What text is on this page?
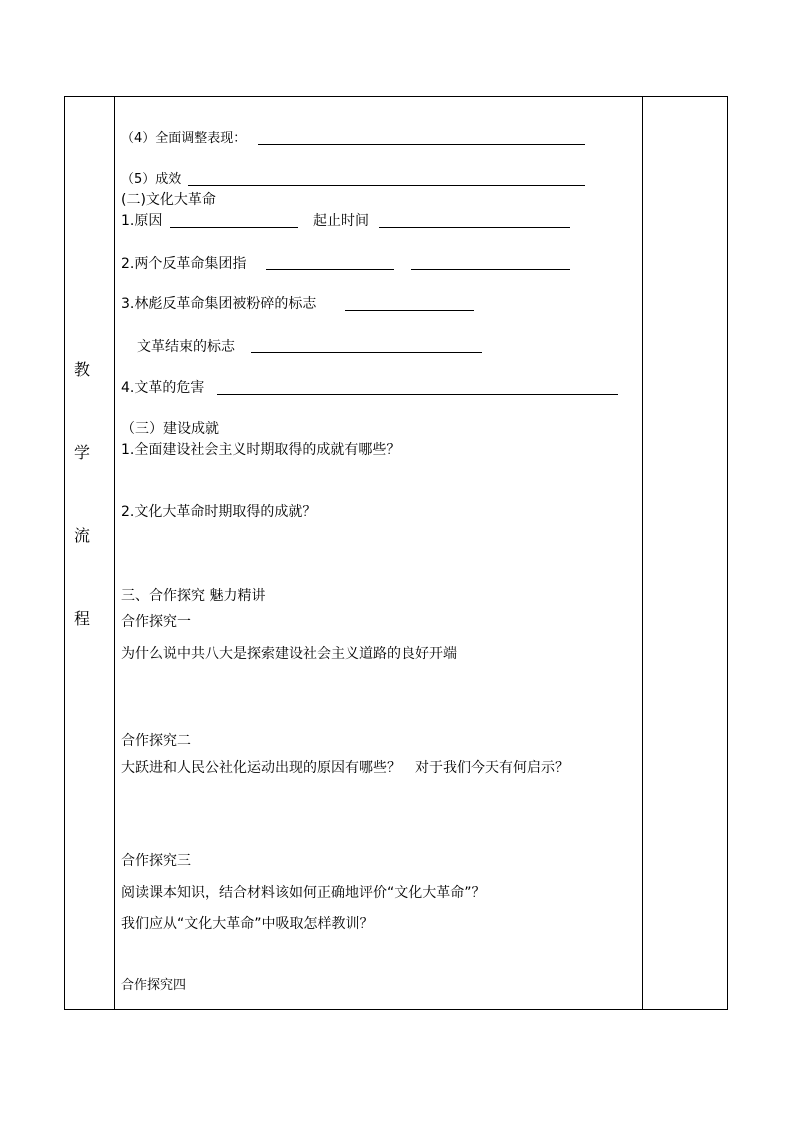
教
学
流
程
（4）全面调整表现：
（5）成效
(二)文化大革命
1.原因	起止时间
2.两个反革命集团指
3.林彪反革命集团被粉碎的标志
文革结束的标志
4.文革的危害
（三）建设成就
1.全面建设社会主义时期取得的成就有哪些？
2.文化大革命时期取得的成就？
三、合作探究 魅力精讲
合作探究一
为什么说中共八大是探索建设社会主义道路的良好开端
合作探究二
大跃进和人民公社化运动出现的原因有哪些？　对于我们今天有何启示？
合作探究三
阅读课本知识，结合材料该如何正确地评价“文化大革命”？
我们应从“文化大革命”中吸取怎样教训？
合作探究四
